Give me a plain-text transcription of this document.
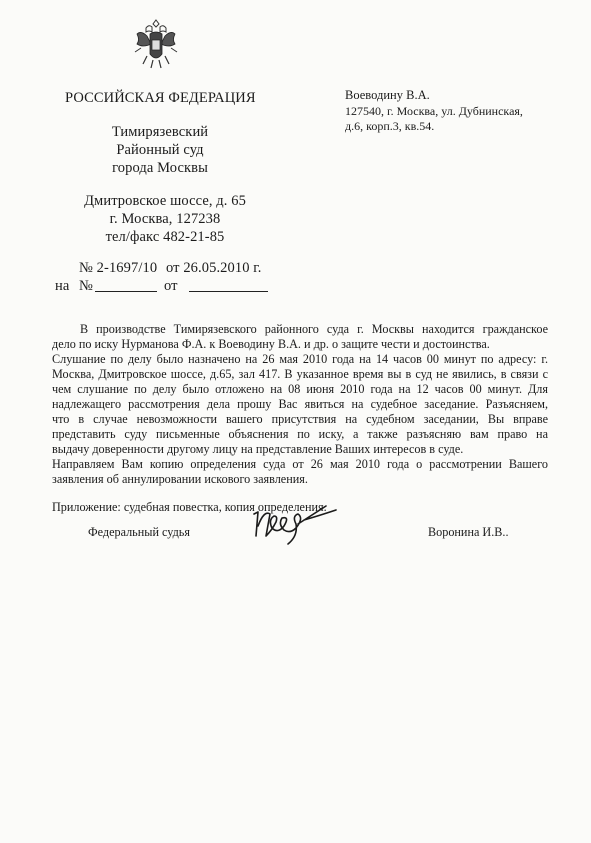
РОССИЙСКАЯ ФЕДЕРАЦИЯ
Тимирязевский
Районный суд
города Москвы
Дмитровское шоссе, д. 65
г. Москва, 127238
тел/факс 482-21-85
№ 2-1697/10 от 26.05.2010 г.
на №	от
Воеводину В.А.
127540, г. Москва, ул. Дубнинская,
д.6, корп.3, кв.54.
В производстве Тимирязевского районного суда г. Москвы находится гражданское
дело по иску Нурманова Ф.А. к Воеводину В.А. и др. о защите чести и достоинства.
Слушание по делу было назначено на 26 мая 2010 года на 14 часов 00 минут по адресу: г.
Москва, Дмитровское шоссе, д.65, зал 417. В указанное время вы в суд не явились, в связи с
чем слушание по делу было отложено на 08 июня 2010 года на 12 часов 00 минут. Для
надлежащего рассмотрения дела прошу Вас явиться на судебное заседание. Разъясняем,
что в случае невозможности вашего присутствия на судебном заседании, Вы вправе
представить суду письменные объяснения по иску, а также разъясняю вам право на
выдачу доверенности другому лицу на представление Ваших интересов в суде.
Направляем Вам копию определения суда от 26 мая 2010 года о рассмотрении Вашего
заявления об аннулировании искового заявления.
Приложение: судебная повестка, копия определения.
Федеральный судья	Воронина И.В..
